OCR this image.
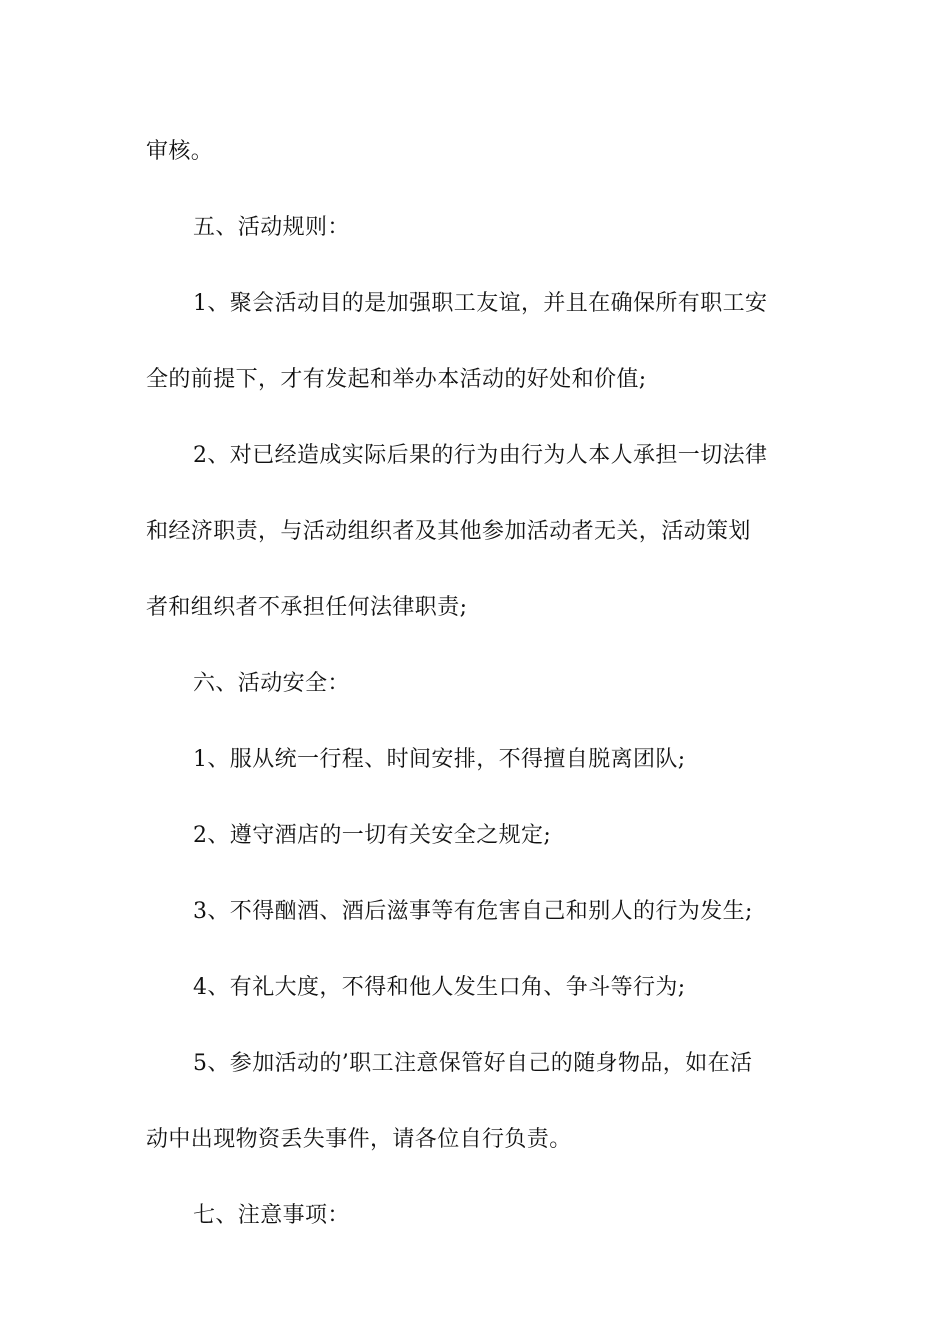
审核。
五、活动规则：
1、聚会活动目的是加强职工友谊，并且在确保所有职工安
全的前提下，才有发起和举办本活动的好处和价值;
2、对已经造成实际后果的行为由行为人本人承担一切法律
和经济职责，与活动组织者及其他参加活动者无关，活动策划
者和组织者不承担任何法律职责;
六、活动安全：
1、服从统一行程、时间安排，不得擅自脱离团队;
2、遵守酒店的一切有关安全之规定;
3、不得酗酒、酒后滋事等有危害自己和别人的行为发生;
4、有礼大度，不得和他人发生口角、争斗等行为;
5、参加活动的’职工注意保管好自己的随身物品，如在活
动中出现物资丢失事件，请各位自行负责。
七、注意事项：
